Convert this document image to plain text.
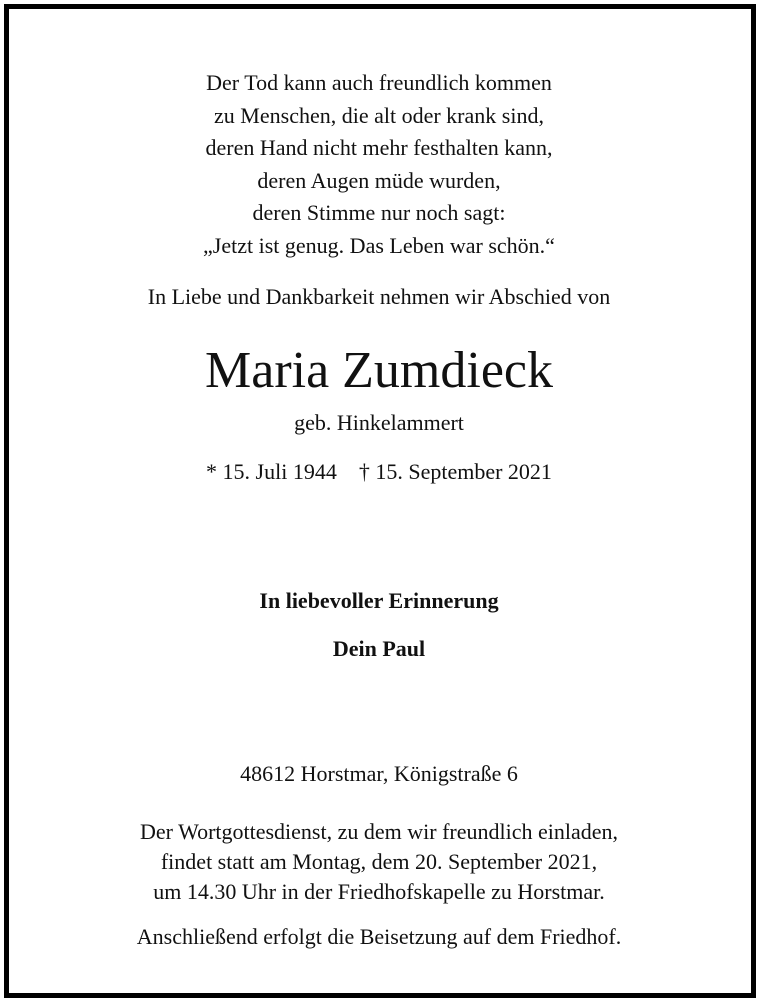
Der Tod kann auch freundlich kommen
zu Menschen, die alt oder krank sind,
deren Hand nicht mehr festhalten kann,
deren Augen müde wurden,
deren Stimme nur noch sagt:
„Jetzt ist genug. Das Leben war schön.“
In Liebe und Dankbarkeit nehmen wir Abschied von
Maria Zumdieck
geb. Hinkelammert
* 15. Juli 1944 † 15. September 2021
In liebevoller Erinnerung
Dein Paul
48612 Horstmar, Königstraße 6
Der Wortgottesdienst, zu dem wir freundlich einladen,
findet statt am Montag, dem 20. September 2021,
um 14.30 Uhr in der Friedhofskapelle zu Horstmar.
Anschließend erfolgt die Beisetzung auf dem Friedhof.
